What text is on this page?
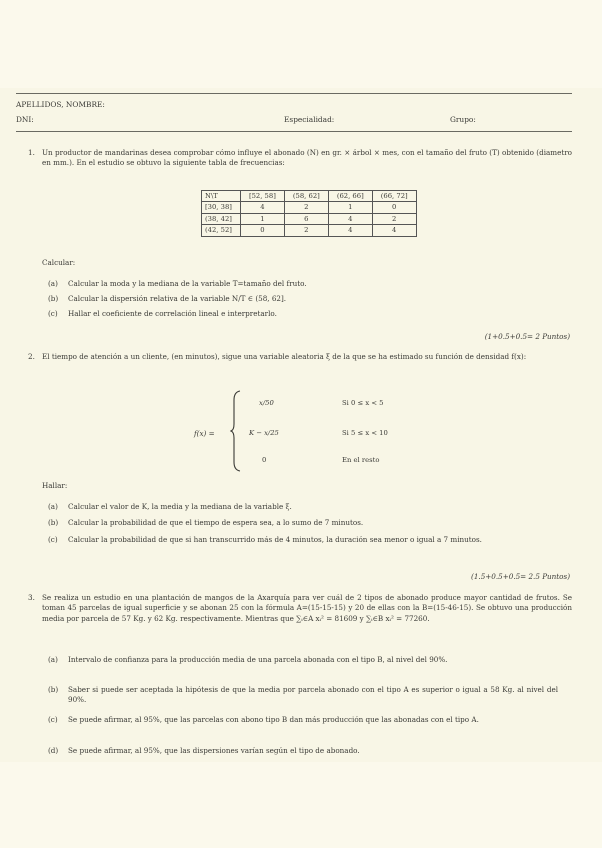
APELLIDOS, NOMBRE:
DNI:	Especialidad:	Grupo:
1. Un productor de mandarinas desea comprobar cómo influye el abonado (N) en gr. × árbol × mes, con el tamaño del fruto (T) obtenido (diametro en mm.). En el estudio se obtuvo la siguiente tabla de frecuencias:
N\T	[52, 58]	(58, 62]	(62, 66]	(66, 72]
[30, 38]	4	2	1	0
(38, 42]	1	6	4	2
(42, 52]	0	2	4	4
Calcular:
(a) Calcular la moda y la mediana de la variable T=tamaño del fruto.
(b) Calcular la dispersión relativa de la variable N/T ∈ (58, 62].
(c) Hallar el coeficiente de correlación lineal e interpretarlo.
(1+0.5+0.5= 2 Puntos)
2. El tiempo de atención a un cliente, (en minutos), sigue una variable aleatoria ξ de la que se ha estimado su función de densidad f(x):
f(x) =
x/50	Si 0 ≤ x < 5
K − x/25	Si 5 ≤ x < 10
0	En el resto
Hallar:
(a) Calcular el valor de K, la media y la mediana de la variable ξ.
(b) Calcular la probabilidad de que el tiempo de espera sea, a lo sumo de 7 minutos.
(c) Calcular la probabilidad de que si han transcurrido más de 4 minutos, la duración sea menor o igual a 7 minutos.
(1.5+0.5+0.5= 2.5 Puntos)
3. Se realiza un estudio en una plantación de mangos de la Axarquía para ver cuál de 2 tipos de abonado produce mayor cantidad de frutos. Se toman 45 parcelas de igual superficie y se abonan 25 con la fórmula A=(15-15-15) y 20 de ellas con la B=(15-46-15). Se obtuvo una producción media por parcela de 57 Kg. y 62 Kg. respectivamente. Mientras que ∑ᵢ∈A xᵢ² = 81609 y ∑ᵢ∈B xᵢ² = 77260.
(a) Intervalo de confianza para la producción media de una parcela abonada con el tipo B, al nivel del 90%.
(b) Saber si puede ser aceptada la hipótesis de que la media por parcela abonado con el tipo A es superior o igual a 58 Kg. al nivel del 90%.
(c) Se puede afirmar, al 95%, que las parcelas con abono tipo B dan más producción que las abonadas con el tipo A.
(d) Se puede afirmar, al 95%, que las dispersiones varían según el tipo de abonado.
